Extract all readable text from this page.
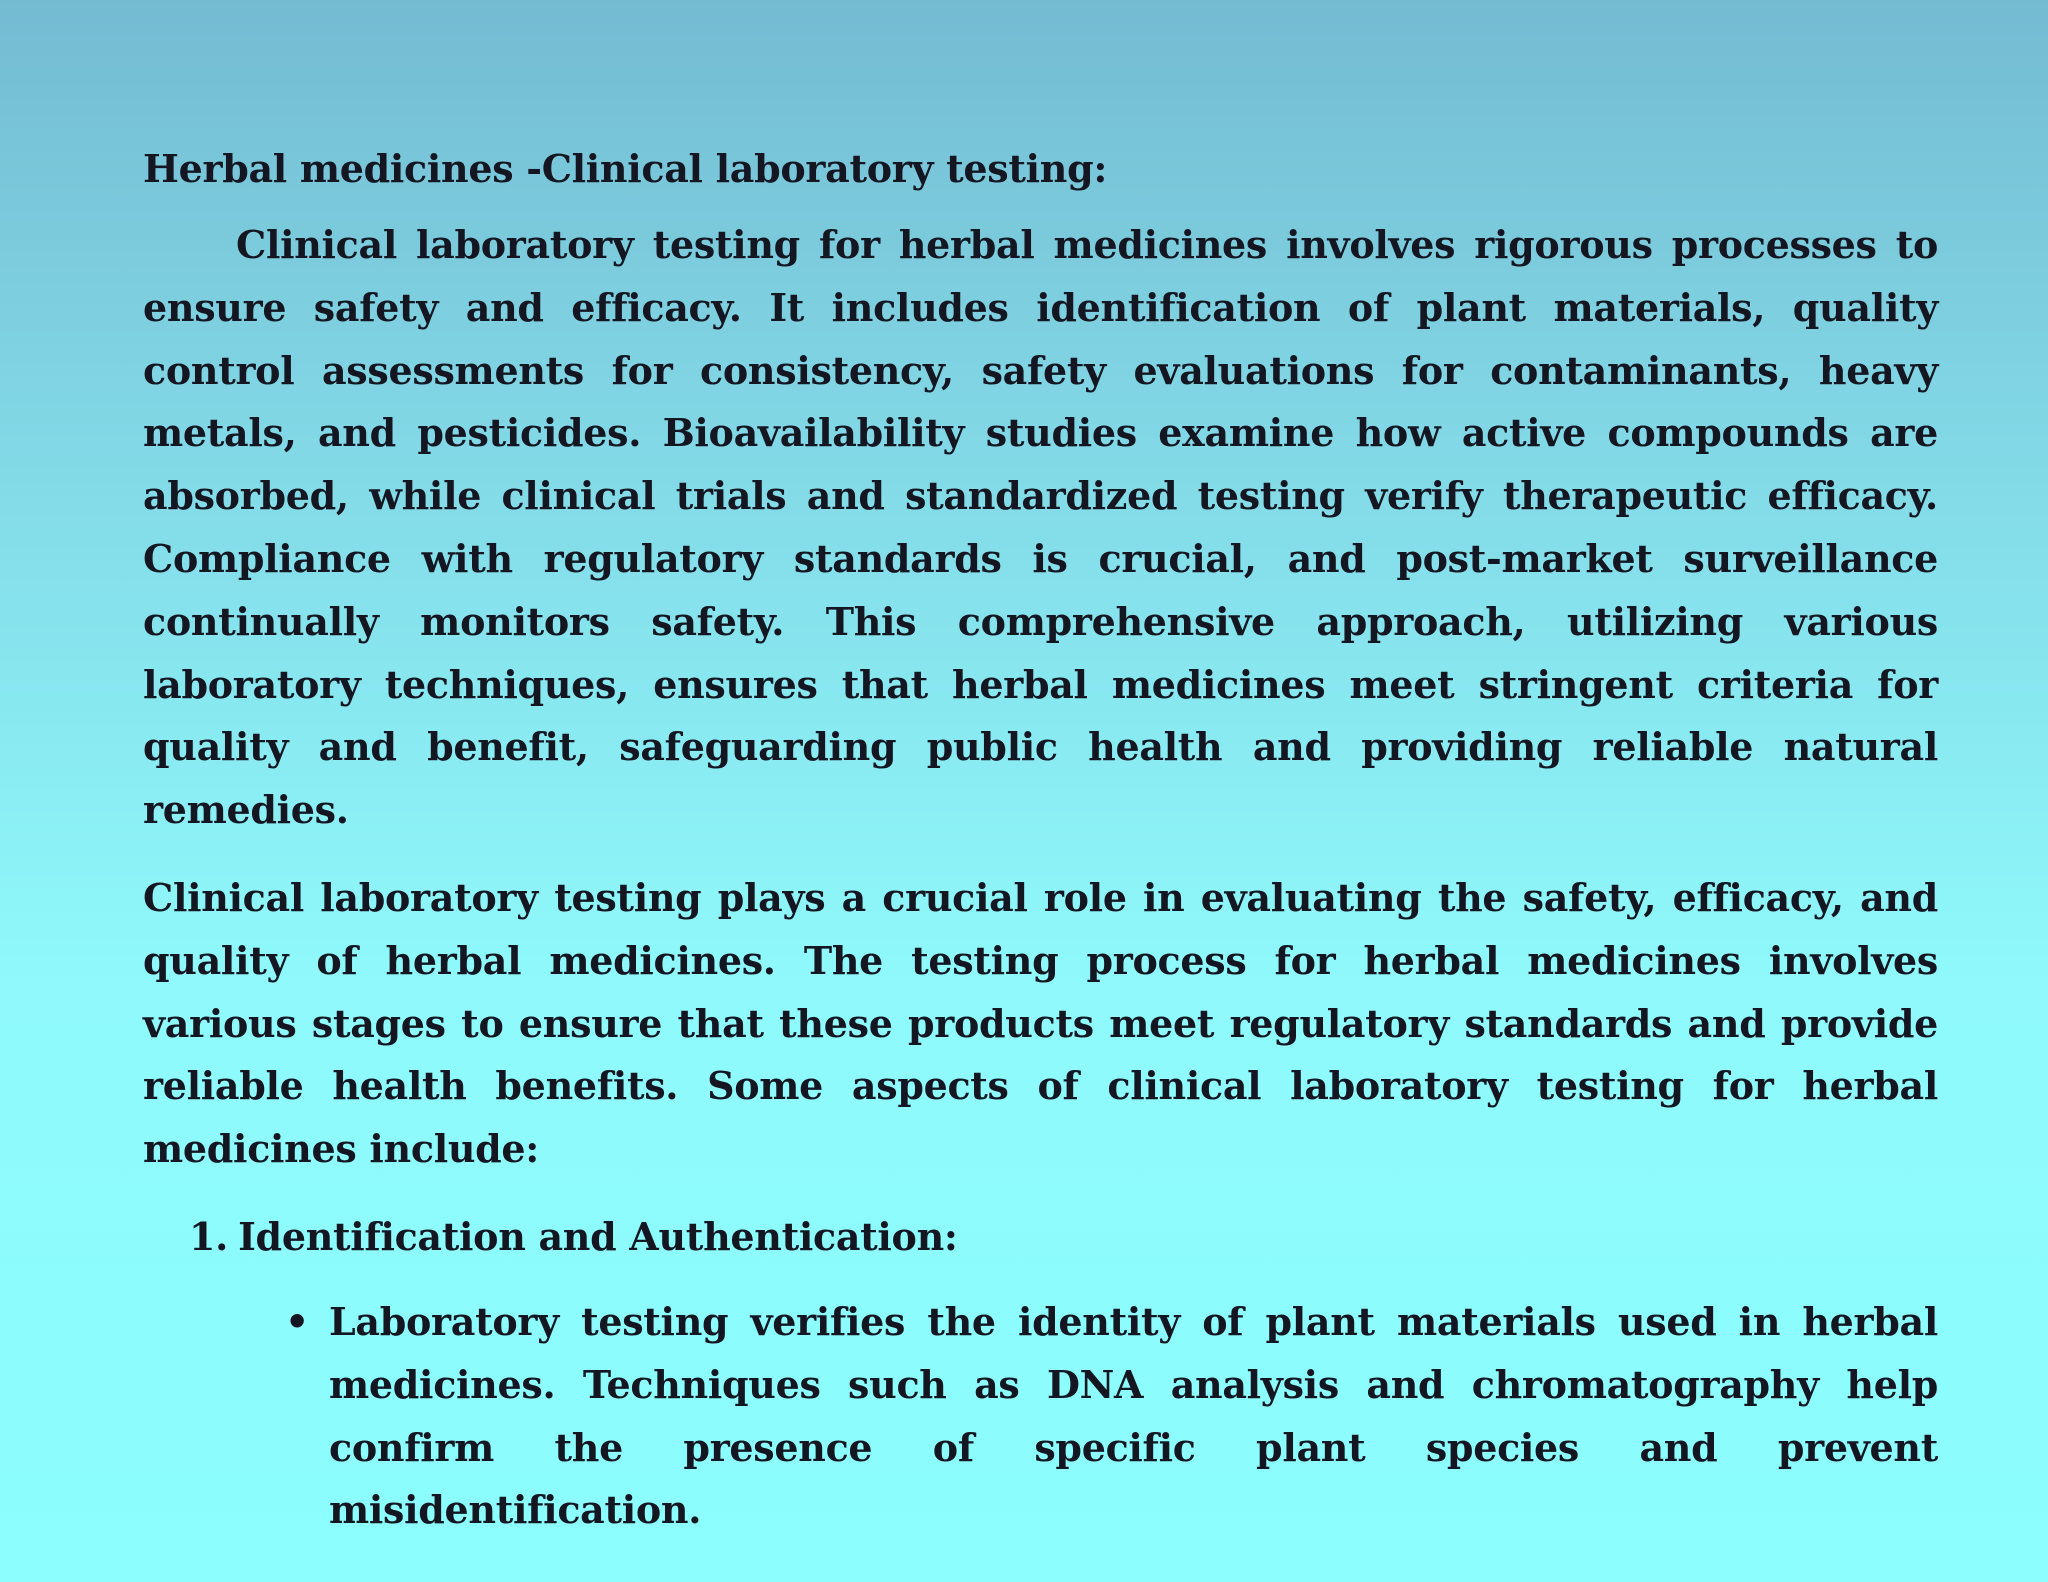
Herbal medicines -Clinical laboratory testing:

Clinical laboratory testing for herbal medicines involves rigorous processes to ensure safety and efficacy. It includes identification of plant materials, quality control assessments for consistency, safety evaluations for contaminants, heavy metals, and pesticides. Bioavailability studies examine how active compounds are absorbed, while clinical trials and standardized testing verify therapeutic efficacy. Compliance with regulatory standards is crucial, and post-market surveillance continually monitors safety. This comprehensive approach, utilizing various laboratory techniques, ensures that herbal medicines meet stringent criteria for quality and benefit, safeguarding public health and providing reliable natural remedies.

Clinical laboratory testing plays a crucial role in evaluating the safety, efficacy, and quality of herbal medicines. The testing process for herbal medicines involves various stages to ensure that these products meet regulatory standards and provide reliable health benefits. Some aspects of clinical laboratory testing for herbal medicines include:

1. Identification and Authentication:
• Laboratory testing verifies the identity of plant materials used in herbal medicines. Techniques such as DNA analysis and chromatography help confirm the presence of specific plant species and prevent misidentification.
